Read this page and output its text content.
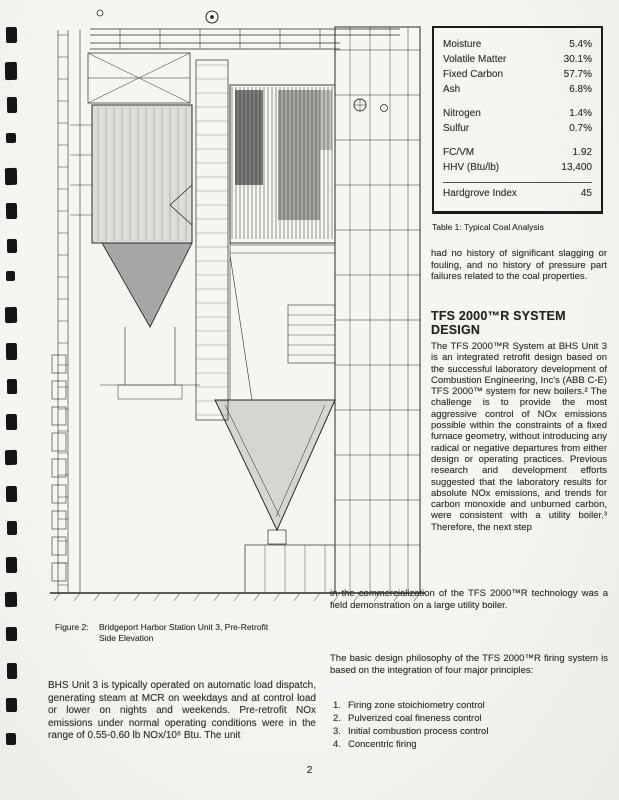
Moisture	5.4%
Volatile Matter	30.1%
Fixed Carbon	57.7%
Ash	6.8%
Nitrogen	1.4%
Sulfur	0.7%
FC/VM	1.92
HHV (Btu/lb)	13,400
Hardgrove Index	45
Table 1: Typical Coal Analysis

had no history of significant slagging or fouling, and no history of pressure part failures related to the coal properties.

TFS 2000™R SYSTEM DESIGN

The TFS 2000™R System at BHS Unit 3 is an integrated retrofit design based on the successful laboratory development of Combustion Engineering, Inc's (ABB C-E) TFS 2000™ system for new boilers.² The challenge is to provide the most aggressive control of NOx emissions possible within the constraints of a fixed furnace geometry, without introducing any radical or negative departures from either design or operating practices. Previous research and development efforts suggested that the laboratory results for absolute NOx emissions, and trends for carbon monoxide and unburned carbon, were consistent with a utility boiler.³ Therefore, the next step

in the commercialization of the TFS 2000™R technology was a field demonstration on a large utility boiler.

The basic design philosophy of the TFS 2000™R firing system is based on the integration of four major principles:

1. Firing zone stoichiometry control
2. Pulverized coal fineness control
3. Initial combustion process control
4. Concentric firing
Figure 2:	Bridgeport Harbor Station Unit 3, Pre-Retrofit
Side Elevation

BHS Unit 3 is typically operated on automatic load dispatch, generating steam at MCR on weekdays and at control load or lower on nights and weekends. Pre-retrofit NOx emissions under normal operating conditions were in the range of 0.55-0.60 lb NOx/10⁶ Btu. The unit

2
